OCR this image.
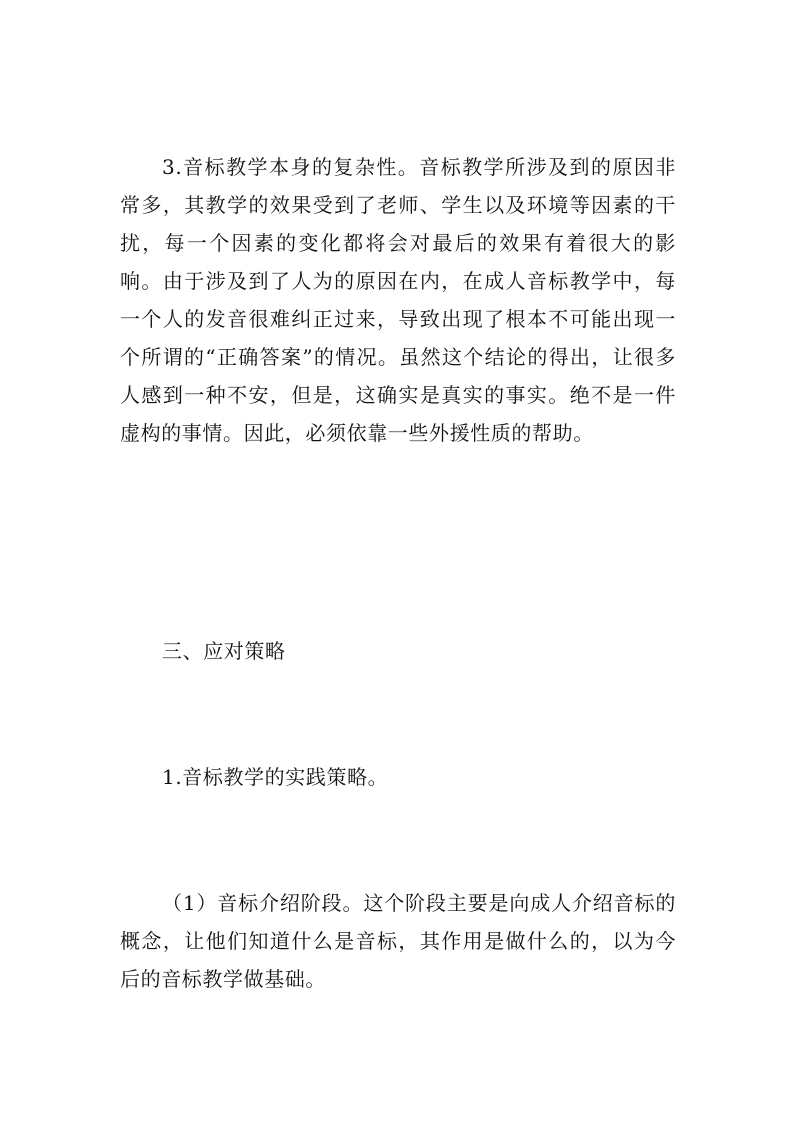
3.音标教学本身的复杂性。音标教学所涉及到的原因非常多，其教学的效果受到了老师、学生以及环境等因素的干扰，每一个因素的变化都将会对最后的效果有着很大的影响。由于涉及到了人为的原因在内，在成人音标教学中，每一个人的发音很难纠正过来，导致出现了根本不可能出现一个所谓的“正确答案”的情况。虽然这个结论的得出，让很多人感到一种不安，但是，这确实是真实的事实。绝不是一件虚构的事情。因此，必须依靠一些外援性质的帮助。

三、应对策略

1.音标教学的实践策略。

（1）音标介绍阶段。这个阶段主要是向成人介绍音标的概念，让他们知道什么是音标，其作用是做什么的，以为今后的音标教学做基础。
